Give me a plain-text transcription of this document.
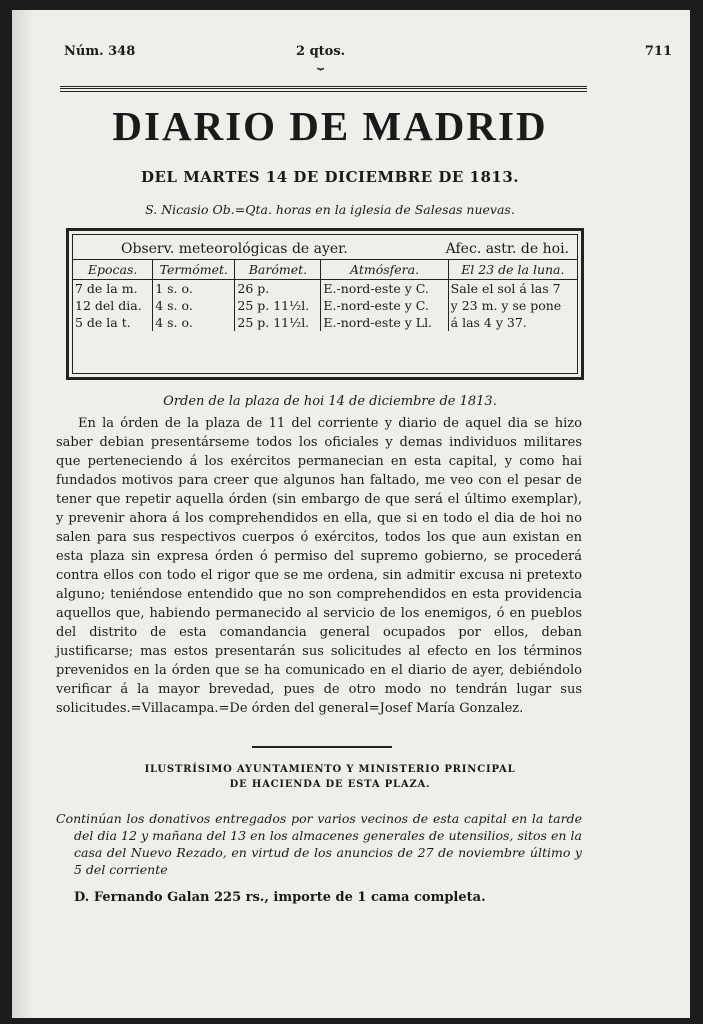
Núm. 348	2 qtos.
⏟
711
DIARIO DE MADRID
DEL MARTES 14 DE DICIEMBRE DE 1813.
S. Nicasio Ob.=Qta. horas en la iglesia de Salesas nuevas.
Observ. meteorológicas de ayer.	Afec. astr. de hoi.
Epocas.	Termómet.	Barómet.	Atmósfera.	El 23 de la luna.
7 de la m.	1 s. o.	26 p.	E.-nord-este y C.	Sale el sol á las 7
12 del dia.	4 s. o.	25 p. 11½l.	E.-nord-este y C.	y 23 m. y se pone
5 de la t.	4 s. o.	25 p. 11½l.	E.-nord-este y Ll.	á las 4 y 37.
Orden de la plaza de hoi 14 de diciembre de 1813.

En la órden de la plaza de 11 del corriente y diario de aquel dia se hizo saber debian presentárseme todos los oficiales y demas individuos militares que perteneciendo á los exércitos permanecian en esta capital, y como hai fundados motivos para creer que algunos han faltado, me veo con el pesar de tener que repetir aquella órden (sin embargo de que será el último exemplar), y prevenir ahora á los comprehendidos en ella, que si en todo el dia de hoi no salen para sus respectivos cuerpos ó exércitos, todos los que aun existan en esta plaza sin expresa órden ó permiso del supremo gobierno, se procederá contra ellos con todo el rigor que se me ordena, sin admitir excusa ni pretexto alguno; teniéndose entendido que no son comprehendidos en esta providencia aquellos que, habiendo permanecido al servicio de los enemigos, ó en pueblos del distrito de esta comandancia general ocupados por ellos, deban justificarse; mas estos presentarán sus solicitudes al efecto en los términos prevenidos en la órden que se ha comunicado en el diario de ayer, debiéndolo verificar á la mayor brevedad, pues de otro modo no tendrán lugar sus solicitudes.=Villacampa.=De órden del general=Josef María Gonzalez.

ILUSTRÍSIMO AYUNTAMIENTO Y MINISTERIO PRINCIPAL
DE HACIENDA DE ESTA PLAZA.

Continúan los donativos entregados por varios vecinos de esta capital en la tarde del dia 12 y mañana del 13 en los almacenes generales de utensilios, sitos en la casa del Nuevo Rezado, en virtud de los anuncios de 27 de noviembre último y 5 del corriente

D. Fernando Galan 225 rs., importe de 1 cama completa.
